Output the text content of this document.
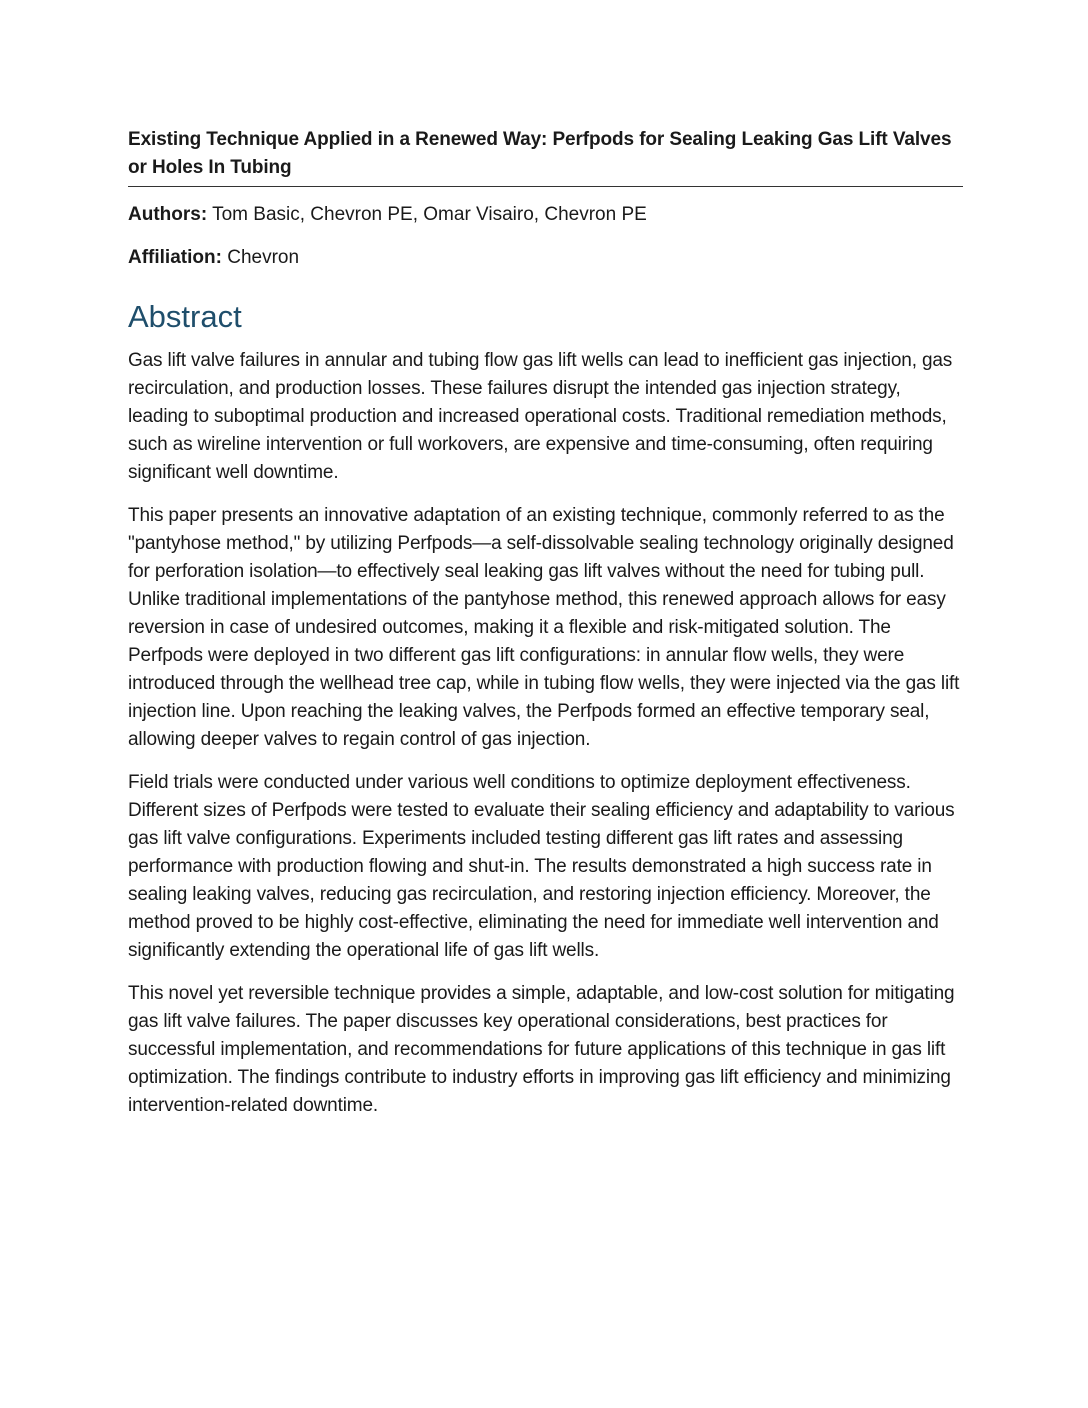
Existing Technique Applied in a Renewed Way: Perfpods for Sealing Leaking Gas Lift Valves or Holes In Tubing

Authors: Tom Basic, Chevron PE, Omar Visairo, Chevron PE

Affiliation: Chevron

Abstract

Gas lift valve failures in annular and tubing flow gas lift wells can lead to inefficient gas injection, gas recirculation, and production losses. These failures disrupt the intended gas injection strategy, leading to suboptimal production and increased operational costs. Traditional remediation methods, such as wireline intervention or full workovers, are expensive and time-consuming, often requiring significant well downtime.

This paper presents an innovative adaptation of an existing technique, commonly referred to as the "pantyhose method," by utilizing Perfpods—a self-dissolvable sealing technology originally designed for perforation isolation—to effectively seal leaking gas lift valves without the need for tubing pull. Unlike traditional implementations of the pantyhose method, this renewed approach allows for easy reversion in case of undesired outcomes, making it a flexible and risk-mitigated solution. The Perfpods were deployed in two different gas lift configurations: in annular flow wells, they were introduced through the wellhead tree cap, while in tubing flow wells, they were injected via the gas lift injection line. Upon reaching the leaking valves, the Perfpods formed an effective temporary seal, allowing deeper valves to regain control of gas injection.

Field trials were conducted under various well conditions to optimize deployment effectiveness. Different sizes of Perfpods were tested to evaluate their sealing efficiency and adaptability to various gas lift valve configurations. Experiments included testing different gas lift rates and assessing performance with production flowing and shut-in. The results demonstrated a high success rate in sealing leaking valves, reducing gas recirculation, and restoring injection efficiency. Moreover, the method proved to be highly cost-effective, eliminating the need for immediate well intervention and significantly extending the operational life of gas lift wells.

This novel yet reversible technique provides a simple, adaptable, and low-cost solution for mitigating gas lift valve failures. The paper discusses key operational considerations, best practices for successful implementation, and recommendations for future applications of this technique in gas lift optimization. The findings contribute to industry efforts in improving gas lift efficiency and minimizing intervention-related downtime.
